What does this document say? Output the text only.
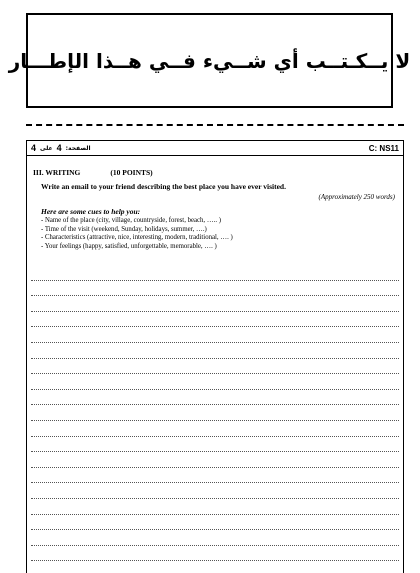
لا يــكـتــب أي شــيء فــي هــذا الإطـــار
4 على 4 الصفحة:	C: NS11
III. WRITING	(10 POINTS)
Write an email to your friend describing the best place you have ever visited.
(Approximately 250 words)
Here are some cues to help you:
- Name of the place (city, village, countryside, forest, beach, ….. )
- Time of the visit (weekend, Sunday, holidays, summer, ….)
- Characteristics (attractive, nice, interesting, modern, traditional, …. )
- Your feelings (happy, satisfied, unforgettable, memorable, …. )
